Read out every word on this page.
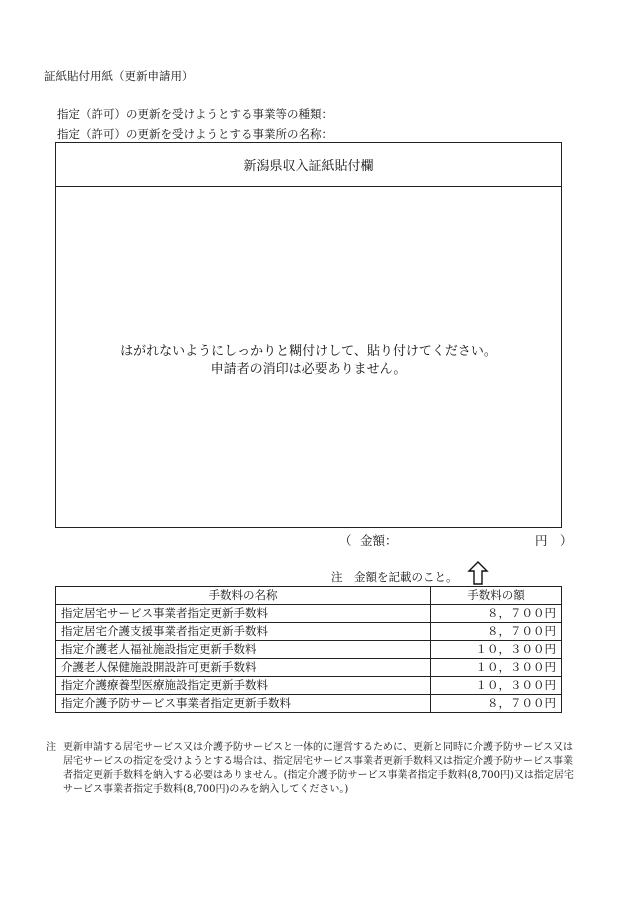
証紙貼付用紙（更新申請用）
指定（許可）の更新を受けようとする事業等の種類：
指定（許可）の更新を受けようとする事業所の名称：
新潟県収入証紙貼付欄
はがれないようにしっかりと糊付けして、貼り付けてください。
申請者の消印は必要ありません。
（ 金額：	円 ）
注　金額を記載のこと。
手数料の名称	手数料の額
指定居宅サービス事業者指定更新手数料	８，７００円
指定居宅介護支援事業者指定更新手数料	８，７００円
指定介護老人福祉施設指定更新手数料	１０，３００円
介護老人保健施設開設許可更新手数料	１０，３００円
指定介護療養型医療施設指定更新手数料	１０，３００円
指定介護予防サービス事業者指定更新手数料	８，７００円
注 更新申請する居宅サービス又は介護予防サービスと一体的に運営するために、更新と同時に介護予防サービス又は居宅サービスの指定を受けようとする場合は、指定居宅サービス事業者更新手数料又は指定介護予防サービス事業者指定更新手数料を納入する必要はありません。(指定介護予防サービス事業者指定手数料(8,700円)又は指定居宅サービス事業者指定手数料(8,700円)のみを納入してください。)
